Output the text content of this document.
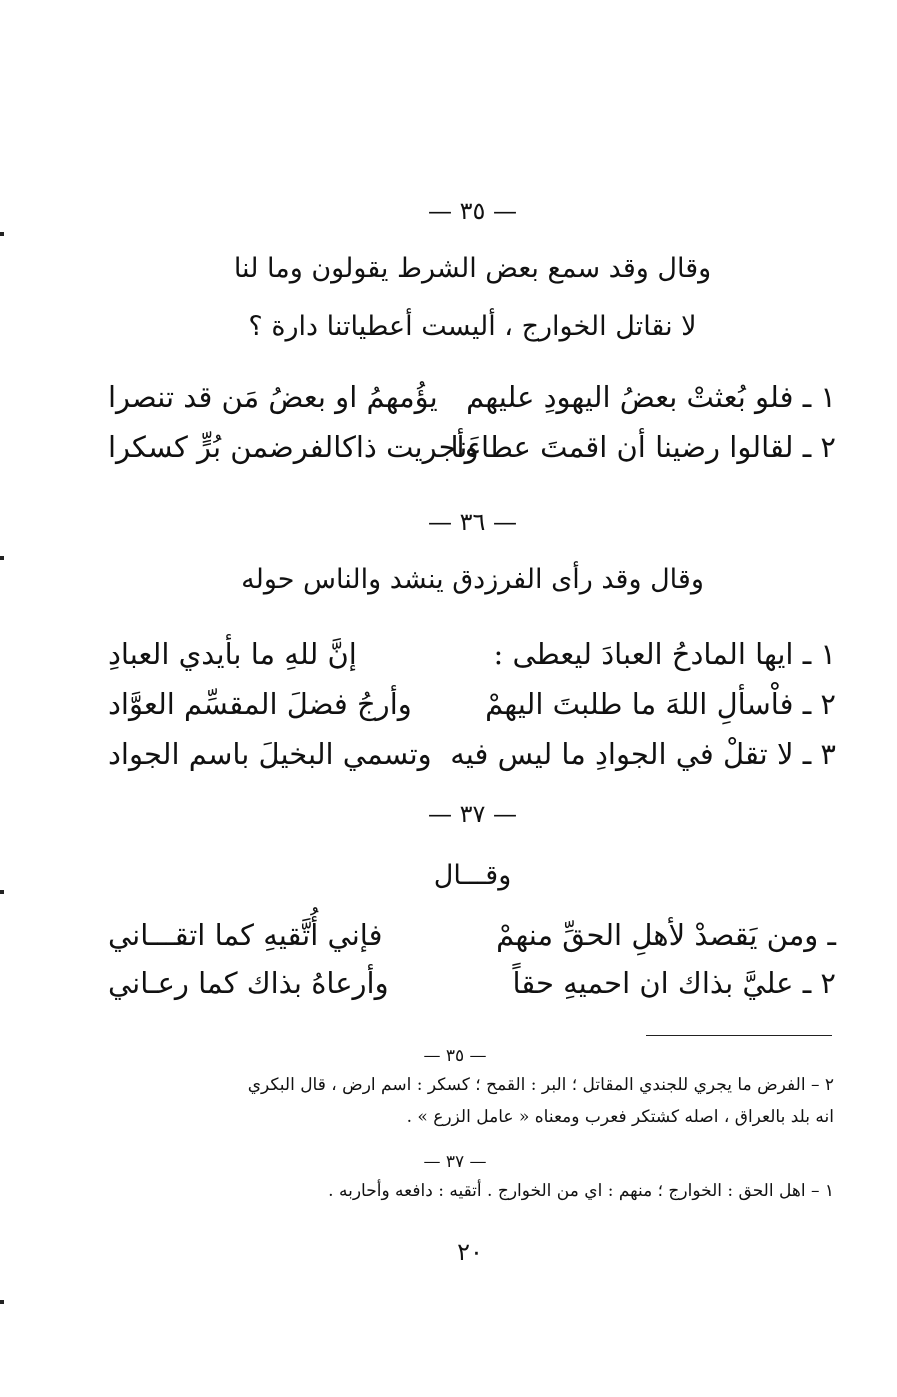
— ٣٥ —
وقال وقد سمع بعض الشرط يقولون وما لنا
لا نقاتل الخوارج ، أليست أعطياتنا دارة ؟
١ ـ فلو بُعثتْ بعضُ اليهودِ عليهم
يؤُمهمُ او بعضُ مَن قد تنصرا
٢ ـ لقالوا رضينا أن اقمتَ عطاءَنا
وأجريت ذاكالفرضمن بُرٍّ كسكرا
— ٣٦ —
وقال وقد رأى الفرزدق ينشد والناس حوله
١ ـ ايها المادحُ العبادَ ليعطى :
إنَّ للهِ ما بأيدي العبادِ
٢ ـ فاْسألِ اللهَ ما طلبتَ اليهمْ
وأرجُ فضلَ المقسِّم العوَّاد
٣ ـ لا تقلْ في الجوادِ ما ليس فيه
وتسمي البخيلَ باسم الجواد
— ٣٧ —
وقـــال
ـ ومن يَقصدْ لأهلِ الحقِّ منهمْ
فإني أُتَّقيهِ كما اتقـــاني
٢ ـ عليَّ بذاك ان احميهِ حقاً
وأرعاهُ بذاك كما رعـاني
— ٣٥ —
٢ – الفرض ما يجري للجندي المقاتل ؛ البر : القمح ؛ كسكر : اسم ارض ، قال البكري
انه بلد بالعراق ، اصله كشتكر فعرب ومعناه « عامل الزرع » .
— ٣٧ —
١ – اهل الحق : الخوارج ؛ منهم : اي من الخوارج . أتقيه : دافعه وأحاربه .
٢٠
